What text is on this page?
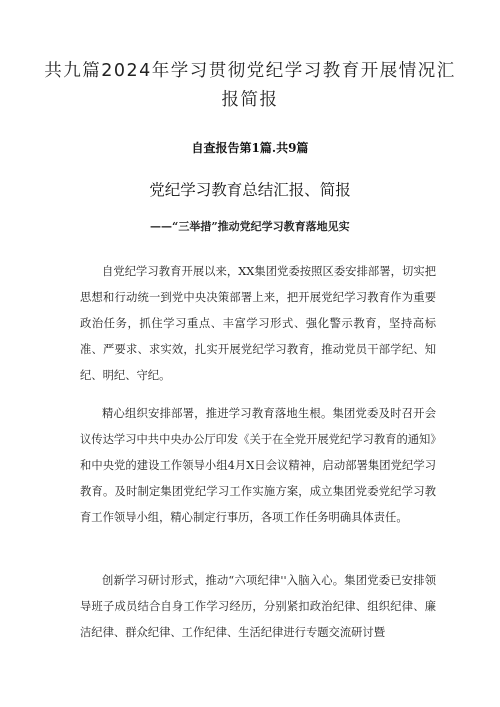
共九篇2024年学习贯彻党纪学习教育开展情况汇报简报
自查报告第1篇.共9篇
党纪学习教育总结汇报、简报
——“三举措”推动党纪学习教育落地见实

自党纪学习教育开展以来，XX集团党委按照区委安排部署，切实把思想和行动统一到党中央决策部署上来，把开展党纪学习教育作为重要政治任务，抓住学习重点、丰富学习形式、强化警示教育，坚持高标准、严要求、求实效，扎实开展党纪学习教育，推动党员干部学纪、知纪、明纪、守纪。

精心组织安排部署，推进学习教育落地生根。集团党委及时召开会议传达学习中共中央办公厅印发《关于在全党开展党纪学习教育的通知》和中央党的建设工作领导小组4月X日会议精神，启动部署集团党纪学习教育。及时制定集团党纪学习工作实施方案，成立集团党委党纪学习教育工作领导小组，精心制定行事历，各项工作任务明确具体责任。

创新学习研讨形式，推动“六项纪律''入脑入心。集团党委已安排领导班子成员结合自身工作学习经历，分别紧扣政治纪律、组织纪律、廉洁纪律、群众纪律、工作纪律、生活纪律进行专题交流研讨暨
